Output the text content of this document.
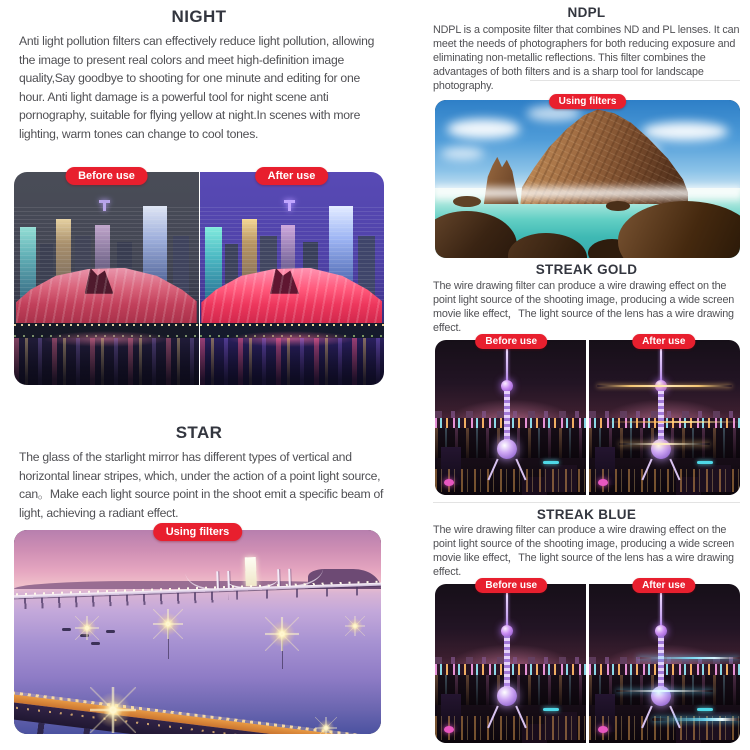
NIGHT
Anti light pollution filters can effectively reduce light pollution, allowing the image to present real colors and meet high-definition image quality,Say goodbye to shooting for one minute and editing for one hour. Anti light damage is a powerful tool for night scene anti pornography, suitable for flying yellow at night.In scenes with more lighting, warm tones can change to cool tones.
Before use	After use
STAR
The glass of the starlight mirror has different types of vertical and horizontal linear stripes, which, under the action of a point light source, can。Make each light source point in the shoot emit a specific beam of light, achieving a radiant effect.
Using filters
NDPL
NDPL is a composite filter that combines ND and PL lenses. It can meet the needs of photographers for both reducing exposure and eliminating non-metallic reflections. This filter combines the advantages of both filters and is a sharp tool for landscape photography.
Using filters
STREAK GOLD
The wire drawing filter can produce a wire drawing effect on the point light source of the shooting image, producing a wide screen movie like effect，The light source of the lens has a wire drawing effect.
Before use	After use
STREAK BLUE
The wire drawing filter can produce a wire drawing effect on the point light source of the shooting image, producing a wide screen movie like effect，The light source of the lens has a wire drawing effect.
Before use	After use
